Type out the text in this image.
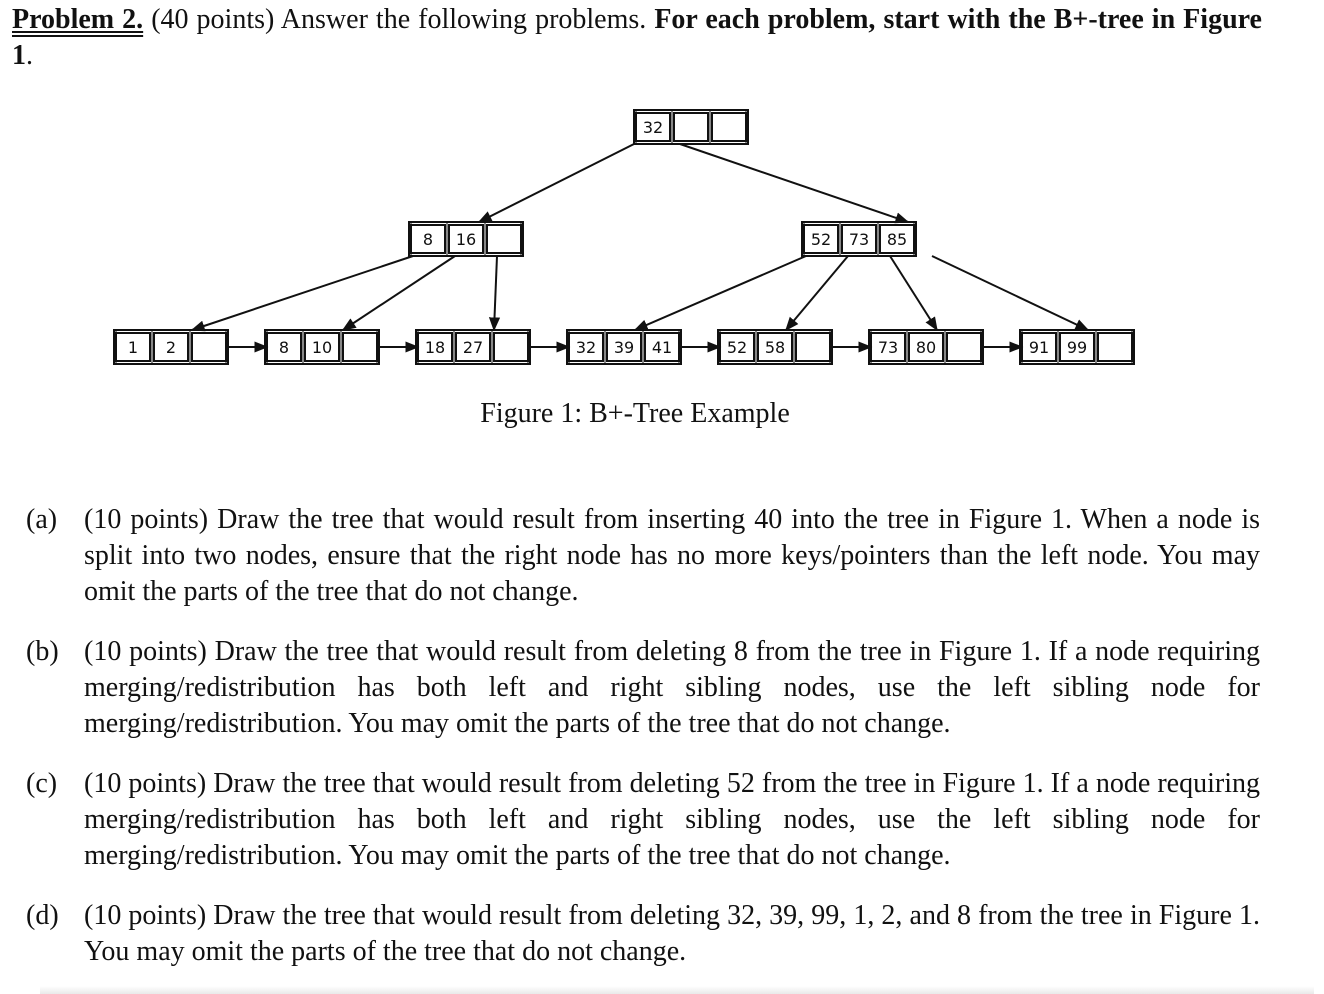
Problem 2. (40 points) Answer the following problems. For each problem, start with the B+-tree in Figure 1.
32
8 16	52 73 85
1 2	8 10	18 27	32 39 41	52 58	73 80	91 99
Figure 1: B+-Tree Example
(a) (10 points) Draw the tree that would result from inserting 40 into the tree in Figure 1. When a node is split into two nodes, ensure that the right node has no more keys/pointers than the left node. You may omit the parts of the tree that do not change.
(b) (10 points) Draw the tree that would result from deleting 8 from the tree in Figure 1. If a node requiring merging/redistribution has both left and right sibling nodes, use the left sibling node for merging/redistribution. You may omit the parts of the tree that do not change.
(c) (10 points) Draw the tree that would result from deleting 52 from the tree in Figure 1. If a node requiring merging/redistribution has both left and right sibling nodes, use the left sibling node for merging/redistribution. You may omit the parts of the tree that do not change.
(d) (10 points) Draw the tree that would result from deleting 32, 39, 99, 1, 2, and 8 from the tree in Figure 1. You may omit the parts of the tree that do not change.
